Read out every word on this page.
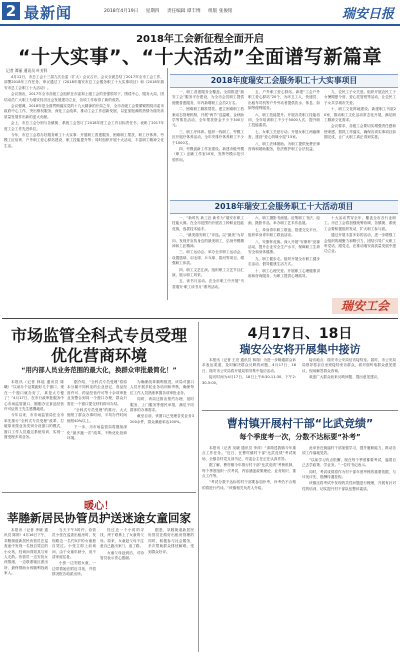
2 最新闻	2018年4月19日 星期四 责任编辑 谭丰博 组版 张俊铭	瑞安日报
2018年工会新征程全面开启
“十大实事”、“十大活动”全面谱写新篇章
记者 谭丽 通讯员 叶芳科

4月12日，市总工会十三届九次全委（扩大）会议召开。会议全面总结了2017年全市工会工作，部署2018年工作任务，审议通过了《2018年瑞安市总工会服务职工十大实事项目》和《2018年瑞安市总工会职工十大活动》。

会议指出，2017年全市各级工会组织在市委和上级工会的坚强领导下，围绕中心、服务大局，团结动员广大职工为瑞安经济社会发展建功立业，各项工作取得了新的成效。

会议强调，2018年是全面贯彻落实党的十九大精神的开局之年，全市各级工会要紧紧围绕市委市政府中心工作，突出维权服务，深化工会改革，推动工会工作创新发展，以更加饱满的热情为瑞安高质量发展作出新的更大贡献。

会上，市总工会分别与各镇街、系统工会签订了2018年度工会工作目标责任书，表彰了2017年度工会工作先进单位。

今年，市总工会将办好服务职工十大实事：开展职工普惠服务、困难职工帮扶、职工疗休养、劳模工匠培育、户外职工爱心驿站建设、职工技能提升等；同时组织开展十大活动，丰富职工精神文化生活。

2018年度瑞安工会服务职工十大实事项目

一、职工普惠服务全覆盖。全面推进“瑞安工会”服务平台建设，为全市会员职工提供便捷普惠服务，年内新增职工会员2万名。

二、困难职工精准帮扶。建立困难职工档案动态管理机制，开展“两节”送温暖、金秋助学等帮扶活动，全年帮扶资金不少于300万元。

三、职工疗休养。组织一线职工、劳模工匠开展疗休养活动，全年安排疗休养职工不少于1000名。

四、劳模创新工作室建设。新建市级劳模（职工）创新工作室10家，发挥劳模示范引领作用。

五、户外职工爱心驿站。新建“工会户外职工爱心驿站”20个，为环卫工人、快递员、出租车司机等户外劳动者提供饮水、休息、如厕等便利服务。

六、职工技能提升。开展各类职工技能培训，全年培训职工不少于5000人次，提升职工技能素质。

七、女职工关爱行动。开展女职工两癌筛查，建设“爱心妈咪小屋”15家。

八、职工法律援助。为职工提供免费法律咨询和援助服务，依法维护职工合法权益。

九、农民工子女关爱。组织开展农民工子女暑期夏令营、爱心托管班等活动，让农民工子女共享城市关爱。

十、职工文化阵地建设。新建职工书屋20家，推动职工文化活动常态化开展，满足职工精神文化需求。

会议要求，各级工会要切实增强责任感和使命感，狠抓工作落实，确保各项实事项目如期完成，让广大职工真正得到实惠。

2018年瑞安工会服务职工十大活动项目

一、“新时代 新工匠·新作为”瑞安市职工技能大赛。在全市范围内开展各工种职业技能竞赛，选拔技术能手。

二、“最美瑞安职工”评选。以“最美”为导向，发现并宣传身边的最美职工，弘扬劳模精神和工匠精神。

三、职工运动会。举办全市职工运动会，设置篮球、羽毛球、乒乓球、拔河等项目，增强职工体质。

四、职工文艺汇演。组织职工文艺节目汇演，展示职工风采。

五、读书月活动。在全市职工中开展“书香瑞安·职工读书月”系列活动。

六、职工摄影书画展。征集职工书法、绘画、摄影作品，举办职工艺术作品展。

七、单身青年职工联谊。搭建交友平台，组织单身青年职工联谊活动。

八、安康杯竞赛。深入开展“安康杯”竞赛活动，提升企业安全生产水平，保障职工生命安全和身体健康。

九、职工健步走。组织开展全市职工健步走活动，倡导健康生活方式。

十、职工心理关爱。开展职工心理健康讲座和咨询服务，为职工提供心理疏导。

十大活动贯穿全年，覆盖全市各行业职工。市总工会将加强统筹协调，各镇街、系统工会要积极组织发动，扩大职工参与面。

通过开展丰富多彩的活动，进一步增强工会组织的凝聚力和吸引力，团结引导广大职工听党话、跟党走，在推动瑞安高质量发展中建功立业。

瑞安工会
市场监管全科式专员受理
优化营商环境
“用内部人员业务范围的最大化，换群众审批最简化！”

本报讯（记者 林瑶 通讯员 陈曦）“以前办个证要跑好几个窗口，现在一个窗口就办好了，真是太方便了！”4月17日，在市行政审批服务中心市场监管窗口，刚刚办完食品经营许可证的王先生感慨地说。

今年以来，市市场监管局在全市率先推行“全科式专员受理”改革，打破原来按业务类别分设窗口的模式，窗口工作人员通过系统培训，实现一窗受理多项业务。

据介绍，“全科式专员受理”将原本分属不同科室的企业登记、食品经营许可、药品经营许可等十余项审批业务整合到同一个窗口办理，群众只需在一个窗口提交材料即可办结。

“全科式专员受理”的推行，大大缩短了群众办事时间，平均办件时间缩短40%以上。

下一步，市市场监管局将继续深化“最多跑一次”改革，不断优化营商环境。

为确保改革顺利推进，该局对窗口人员开展多轮业务培训和考核，确保每位工作人员熟练掌握各项审批业务。

同时，该局还推出预约办理、延时服务、上门服务等便民举措，满足不同群体的办事需求。

截至目前，该窗口已受理各类业务3200余件，群众满意率达100%。

4月17日、18日
瑞安公安将开展集中接访

本报讯（记者 王亮 通讯员 林翔）为进一步畅通群众诉求表达渠道，及时解决群众反映的问题，4月17日、18日，瑞安市公安局将开展局领导集中接访活动。

接访时间为4月17日、18日上午8:30-11:30，下午2:30-5:00。

接访地点：瑞安市公安局信访接待室。届时，市公安局局领导将亲自坐班接待来访群众，面对面听取群众意见建议，现场解答群众咨询。

欢迎广大群众前来反映问题、提出意见建议。

曹村镇开展村干部“比武竞绩”
每个季度考一次，分数不达标要“补考”

本报讯（记者 吴晓 通讯员 李萍）“请简述我镇今年重点工作任务。”近日，在曹村镇村干部“比武竞绩”考试现场，全镇各村党支部书记、村委会主任正在认真作答。

据了解，曹村镇今年推行村干部“比武竞绩”考核机制，每个季度组织一次考试，内容涵盖政策理论、业务知识、重点工作等。

“考试分数不达标的村干部要参加补考，补考仍不合格的将进行约谈。”该镇相关负责人介绍。

此举旨在倒逼村干部加强学习，提升履职能力，推动各项工作落地见效。

“以前学习有点松懈，现在每个季度都要考试，逼着自己去学政策、学业务。”一位村书记表示。

同时，考试成绩将作为村干部年度考核的重要依据，与评优评先、报酬待遇挂钩。

该镇还将考试中发现的共性问题进行梳理，开展有针对性的培训，切实提升村干部队伍整体素质。

暖心！
莘塍新居民协管员护送迷途女童回家

本报讯（记者 李晓 通讯员 陈婷）4月16日下午，莘塍街道新居民协管员在巡查途中发现一名独自哭泣的小女孩，经询问得知其与家人走散。协管员一边安抚女孩情绪，一边联系辖区派出所，最终帮助女孩顺利找到家人。

当天下午3时许，协管员小张在巡查出租房时，发现路边一名约5岁的女童独自哭泣。小张立即上前询问，由于女童年龄小，说不清家庭住址。

小张一边安慰女童，一边带着她在附近寻找，并将情况报告给派出所。

经过近一个小时的寻找，终于联系上了女童的父母。原来，女童趁父母不注意自己跑出家门，迷了路。

女童父母赶到后，对协管员表示衷心感谢。

据悉，莘塍街道新居民协管员在做好出租房管理的同时，积极参与社会服务，多次帮助群众排忧解难，受到群众好评。
